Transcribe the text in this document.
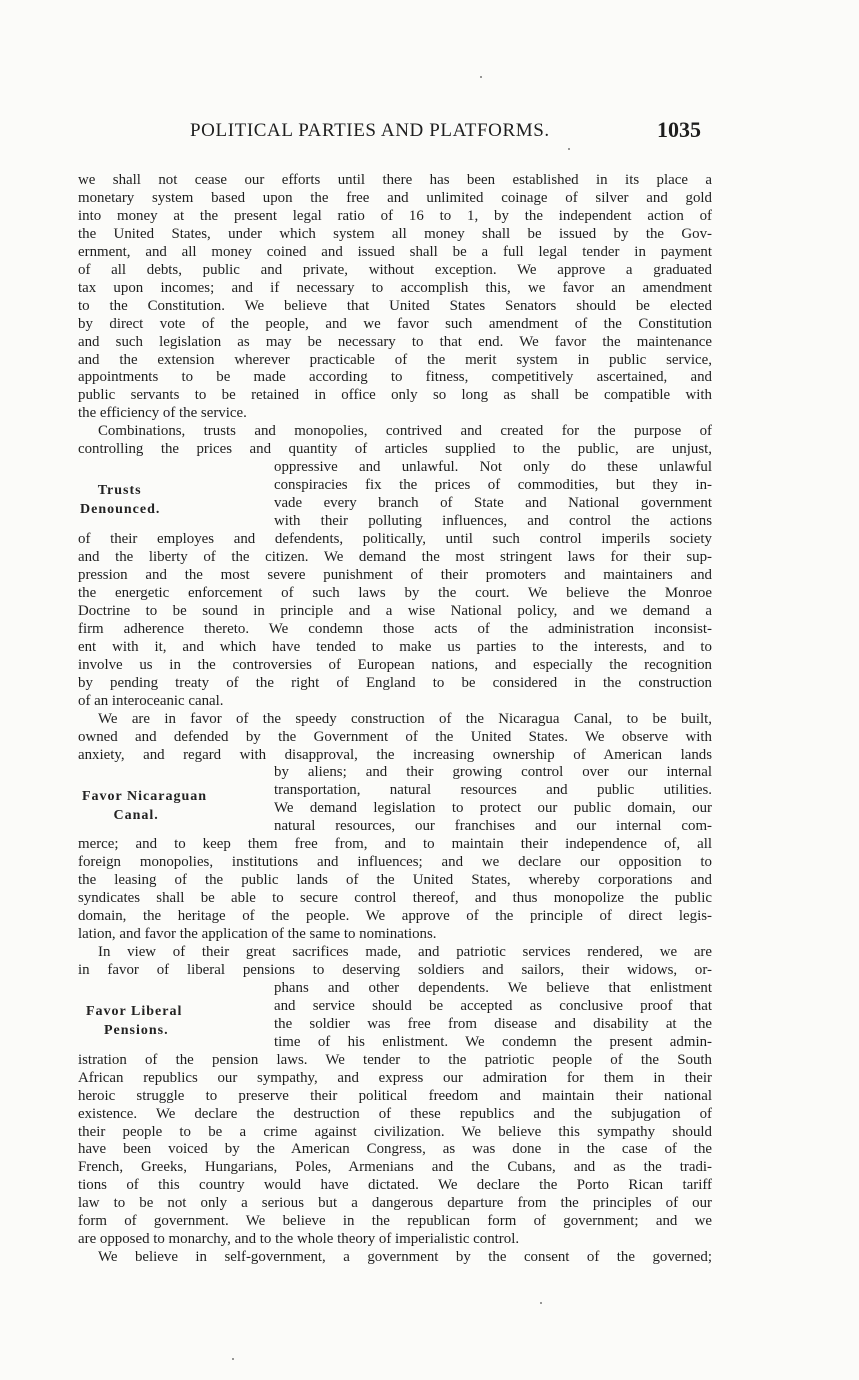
POLITICAL PARTIES AND PLATFORMS.	1035

we shall not cease our efforts until there has been established in its place a
monetary system based upon the free and unlimited coinage of silver and gold
into money at the present legal ratio of 16 to 1, by the independent action of
the United States, under which system all money shall be issued by the Gov-
ernment, and all money coined and issued shall be a full legal tender in payment
of all debts, public and private, without exception. We approve a graduated
tax upon incomes; and if necessary to accomplish this, we favor an amendment
to the Constitution. We believe that United States Senators should be elected
by direct vote of the people, and we favor such amendment of the Constitution
and such legislation as may be necessary to that end. We favor the maintenance
and the extension wherever practicable of the merit system in public service,
appointments to be made according to fitness, competitively ascertained, and
public servants to be retained in office only so long as shall be compatible with
the efficiency of the service.

Combinations, trusts and monopolies, contrived and created for the purpose of
controlling the prices and quantity of articles supplied to the public, are unjust,
oppressive and unlawful. Not only do these unlawful
conspiracies fix the prices of commodities, but they in-
vade every branch of State and National government
with their polluting influences, and control the actions
of their employes and defendents, politically, until such control imperils society
and the liberty of the citizen. We demand the most stringent laws for their sup-
pression and the most severe punishment of their promoters and maintainers and
the energetic enforcement of such laws by the court. We believe the Monroe
Doctrine to be sound in principle and a wise National policy, and we demand a
firm adherence thereto. We condemn those acts of the administration inconsist-
ent with it, and which have tended to make us parties to the interests, and to
involve us in the controversies of European nations, and especially the recognition
by pending treaty of the right of England to be considered in the construction
of an interoceanic canal.

We are in favor of the speedy construction of the Nicaragua Canal, to be built,
owned and defended by the Government of the United States. We observe with
anxiety, and regard with disapproval, the increasing ownership of American lands
by aliens; and their growing control over our internal
transportation, natural resources and public utilities.
We demand legislation to protect our public domain, our
natural resources, our franchises and our internal com-
merce; and to keep them free from, and to maintain their independence of, all
foreign monopolies, institutions and influences; and we declare our opposition to
the leasing of the public lands of the United States, whereby corporations and
syndicates shall be able to secure control thereof, and thus monopolize the public
domain, the heritage of the people. We approve of the principle of direct legis-
lation, and favor the application of the same to nominations.

In view of their great sacrifices made, and patriotic services rendered, we are
in favor of liberal pensions to deserving soldiers and sailors, their widows, or-
phans and other dependents. We believe that enlistment
and service should be accepted as conclusive proof that
the soldier was free from disease and disability at the
time of his enlistment. We condemn the present admin-
istration of the pension laws. We tender to the patriotic people of the South
African republics our sympathy, and express our admiration for them in their
heroic struggle to preserve their political freedom and maintain their national
existence. We declare the destruction of these republics and the subjugation of
their people to be a crime against civilization. We believe this sympathy should
have been voiced by the American Congress, as was done in the case of the
French, Greeks, Hungarians, Poles, Armenians and the Cubans, and as the tradi-
tions of this country would have dictated. We declare the Porto Rican tariff
law to be not only a serious but a dangerous departure from the principles of our
form of government. We believe in the republican form of government; and we
are opposed to monarchy, and to the whole theory of imperialistic control.

We believe in self-government, a government by the consent of the governed;

Trusts
Denounced.
Favor Nicaraguan
Canal.
Favor Liberal
Pensions.
